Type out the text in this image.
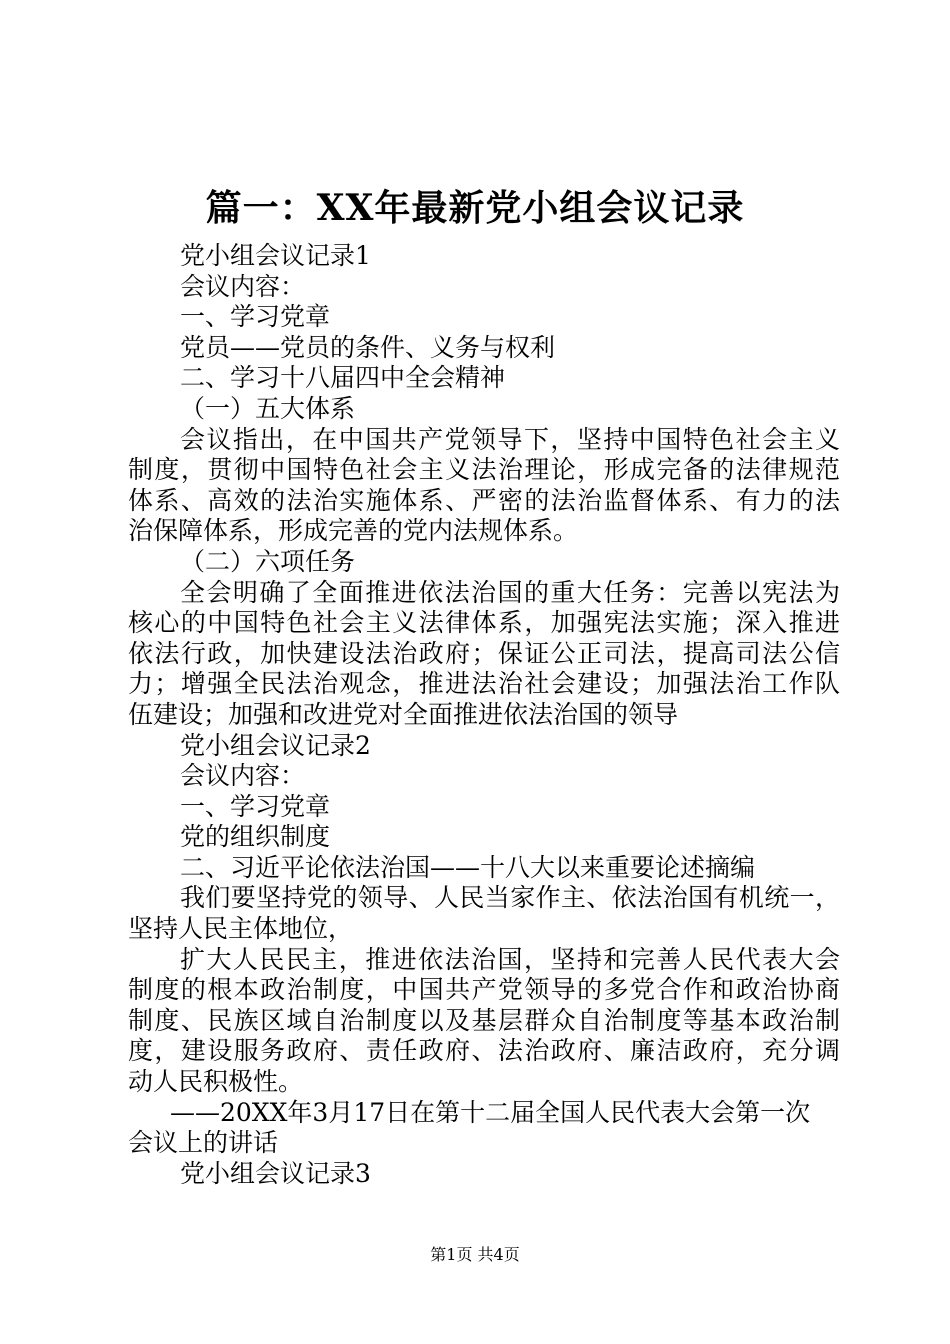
篇一：XX年最新党小组会议记录
党小组会议记录1
会议内容：
一、学习党章
党员——党员的条件、义务与权利
二、学习十八届四中全会精神
（一）五大体系
会议指出，在中国共产党领导下，坚持中国特色社会主义
制度，贯彻中国特色社会主义法治理论，形成完备的法律规范
体系、高效的法治实施体系、严密的法治监督体系、有力的法
治保障体系，形成完善的党内法规体系。
（二）六项任务
全会明确了全面推进依法治国的重大任务：完善以宪法为
核心的中国特色社会主义法律体系，加强宪法实施；深入推进
依法行政，加快建设法治政府；保证公正司法，提高司法公信
力；增强全民法治观念，推进法治社会建设；加强法治工作队
伍建设；加强和改进党对全面推进依法治国的领导
党小组会议记录2
会议内容：
一、学习党章
党的组织制度
二、习近平论依法治国——十八大以来重要论述摘编
我们要坚持党的领导、人民当家作主、依法治国有机统一，
坚持人民主体地位，
扩大人民民主，推进依法治国，坚持和完善人民代表大会
制度的根本政治制度，中国共产党领导的多党合作和政治协商
制度、民族区域自治制度以及基层群众自治制度等基本政治制
度，建设服务政府、责任政府、法治政府、廉洁政府，充分调
动人民积极性。
——20XX年3月17日在第十二届全国人民代表大会第一次
会议上的讲话
党小组会议记录3
第1页 共4页
